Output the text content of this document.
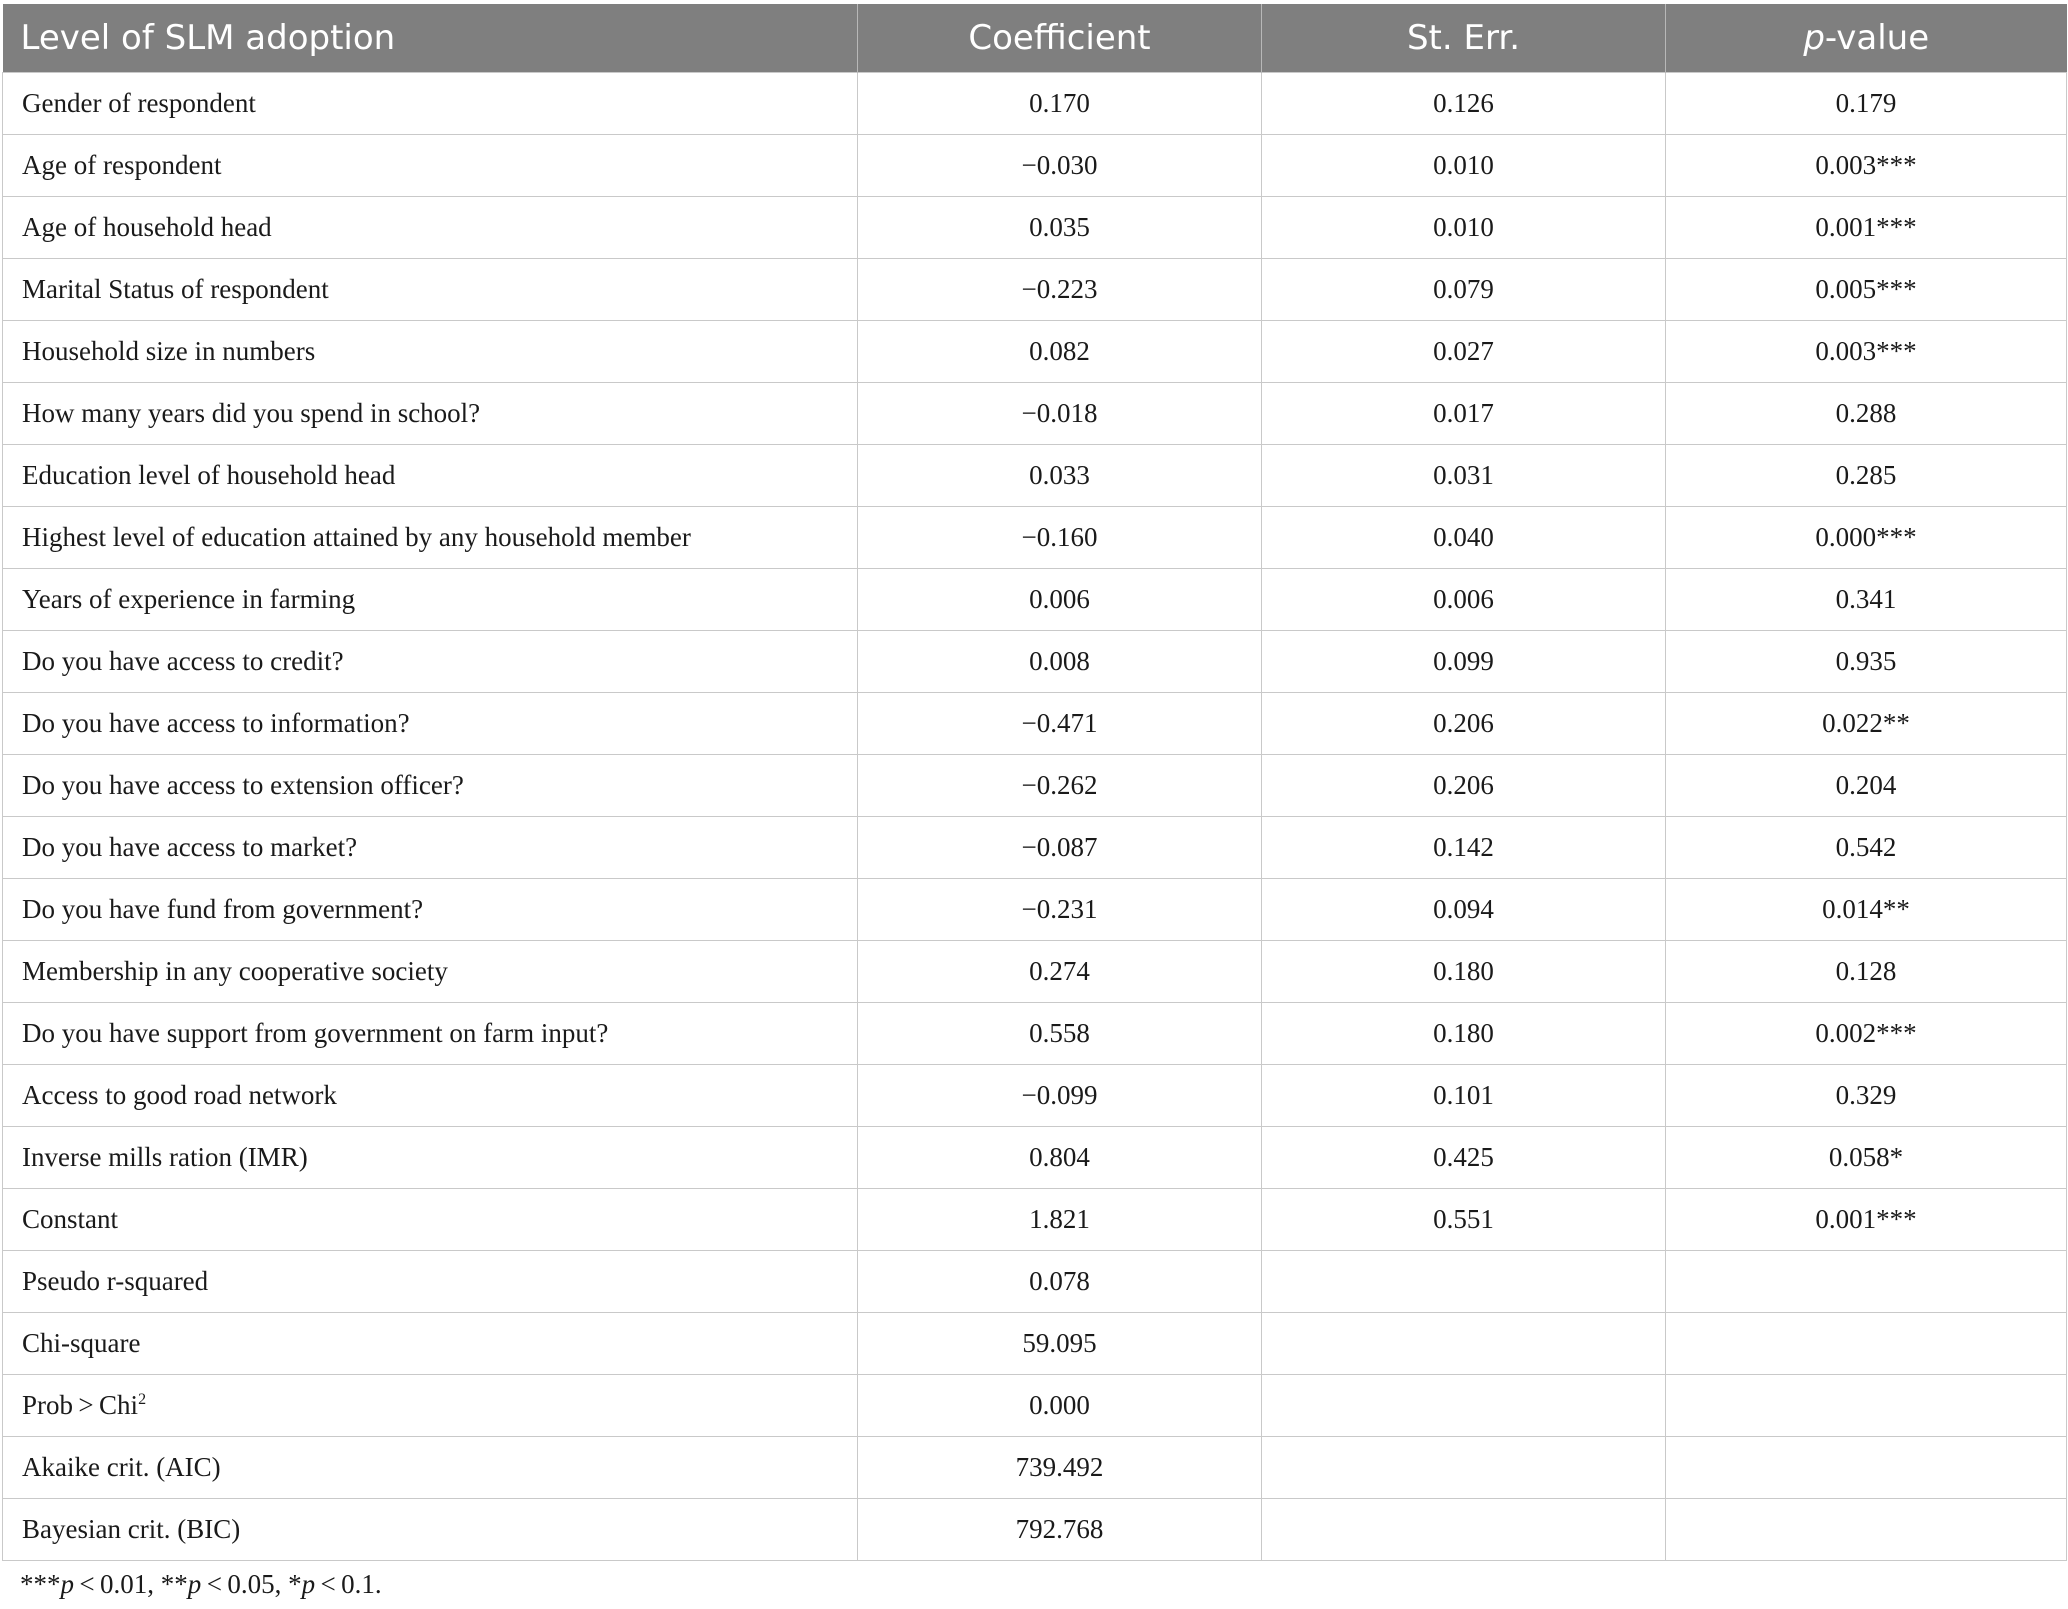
Level of SLM adoption	Coefficient	St. Err.	p-value
Gender of respondent	0.170	0.126	0.179
Age of respondent	−0.030	0.010	0.003***
Age of household head	0.035	0.010	0.001***
Marital Status of respondent	−0.223	0.079	0.005***
Household size in numbers	0.082	0.027	0.003***
How many years did you spend in school?	−0.018	0.017	0.288
Education level of household head	0.033	0.031	0.285
Highest level of education attained by any household member	−0.160	0.040	0.000***
Years of experience in farming	0.006	0.006	0.341
Do you have access to credit?	0.008	0.099	0.935
Do you have access to information?	−0.471	0.206	0.022**
Do you have access to extension officer?	−0.262	0.206	0.204
Do you have access to market?	−0.087	0.142	0.542
Do you have fund from government?	−0.231	0.094	0.014**
Membership in any cooperative society	0.274	0.180	0.128
Do you have support from government on farm input?	0.558	0.180	0.002***
Access to good road network	−0.099	0.101	0.329
Inverse mills ration (IMR)	0.804	0.425	0.058*
Constant	1.821	0.551	0.001***
Pseudo r-squared	0.078		
Chi-square	59.095		
Prob > Chi$^2$	0.000		
Akaike crit. (AIC)	739.492		
Bayesian crit. (BIC)	792.768		
***p < 0.01, **p < 0.05, *p < 0.1.
